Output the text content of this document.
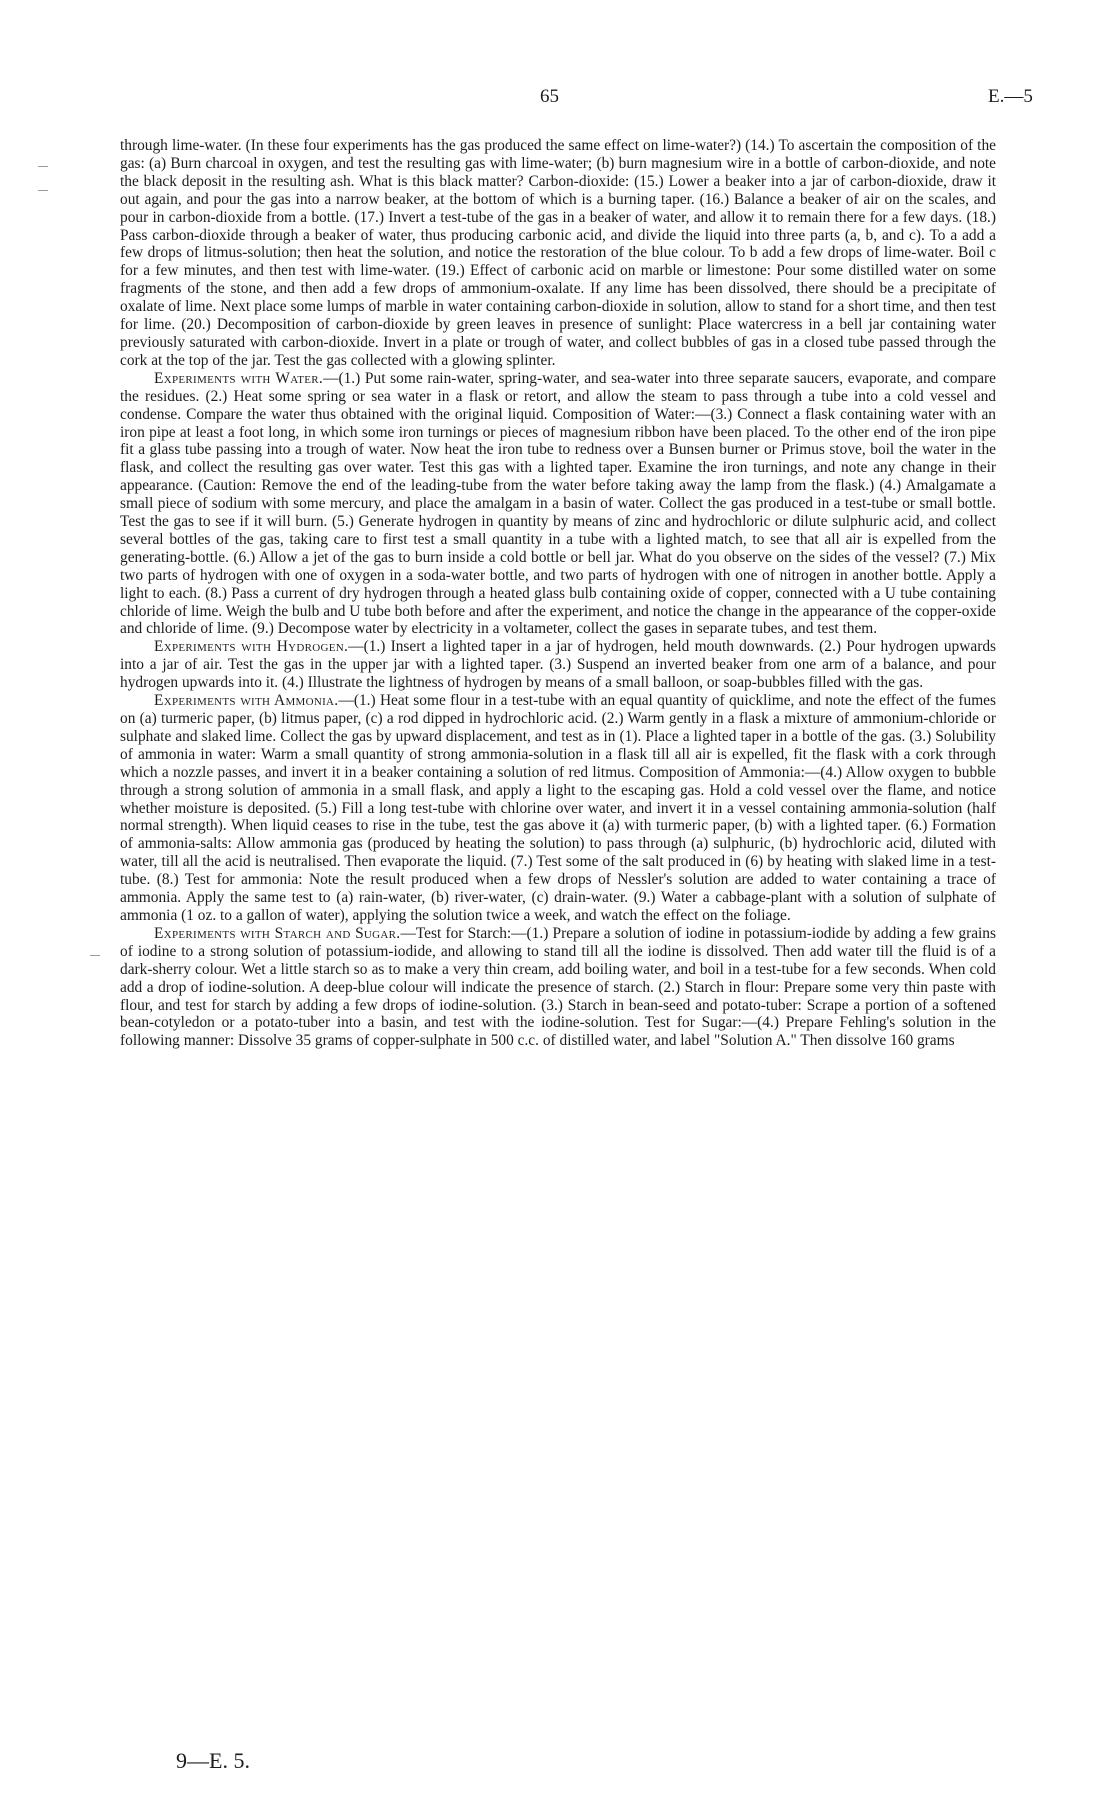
65	E.—5

through lime-water. (In these four experiments has the gas produced the same effect on lime-water?) (14.) To ascertain the composition of the gas: (a) Burn charcoal in oxygen, and test the resulting gas with lime-water; (b) burn magnesium wire in a bottle of carbon-dioxide, and note the black deposit in the resulting ash. What is this black matter? Carbon-dioxide: (15.) Lower a beaker into a jar of carbon-dioxide, draw it out again, and pour the gas into a narrow beaker, at the bottom of which is a burning taper. (16.) Balance a beaker of air on the scales, and pour in carbon-dioxide from a bottle. (17.) Invert a test-tube of the gas in a beaker of water, and allow it to remain there for a few days. (18.) Pass carbon-dioxide through a beaker of water, thus producing carbonic acid, and divide the liquid into three parts (a, b, and c). To a add a few drops of litmus-solution; then heat the solution, and notice the restoration of the blue colour. To b add a few drops of lime-water. Boil c for a few minutes, and then test with lime-water. (19.) Effect of carbonic acid on marble or limestone: Pour some distilled water on some fragments of the stone, and then add a few drops of ammonium-oxalate. If any lime has been dissolved, there should be a precipitate of oxalate of lime. Next place some lumps of marble in water containing carbon-dioxide in solution, allow to stand for a short time, and then test for lime. (20.) Decomposition of carbon-dioxide by green leaves in presence of sunlight: Place watercress in a bell jar containing water previously saturated with carbon-dioxide. Invert in a plate or trough of water, and collect bubbles of gas in a closed tube passed through the cork at the top of the jar. Test the gas collected with a glowing splinter.

Experiments with Water.—(1.) Put some rain-water, spring-water, and sea-water into three separate saucers, evaporate, and compare the residues. (2.) Heat some spring or sea water in a flask or retort, and allow the steam to pass through a tube into a cold vessel and condense. Compare the water thus obtained with the original liquid. Composition of Water:—(3.) Connect a flask containing water with an iron pipe at least a foot long, in which some iron turnings or pieces of magnesium ribbon have been placed. To the other end of the iron pipe fit a glass tube passing into a trough of water. Now heat the iron tube to redness over a Bunsen burner or Primus stove, boil the water in the flask, and collect the resulting gas over water. Test this gas with a lighted taper. Examine the iron turnings, and note any change in their appearance. (Caution: Remove the end of the leading-tube from the water before taking away the lamp from the flask.) (4.) Amalgamate a small piece of sodium with some mercury, and place the amalgam in a basin of water. Collect the gas produced in a test-tube or small bottle. Test the gas to see if it will burn. (5.) Generate hydrogen in quantity by means of zinc and hydrochloric or dilute sulphuric acid, and collect several bottles of the gas, taking care to first test a small quantity in a tube with a lighted match, to see that all air is expelled from the generating-bottle. (6.) Allow a jet of the gas to burn inside a cold bottle or bell jar. What do you observe on the sides of the vessel? (7.) Mix two parts of hydrogen with one of oxygen in a soda-water bottle, and two parts of hydrogen with one of nitrogen in another bottle. Apply a light to each. (8.) Pass a current of dry hydrogen through a heated glass bulb containing oxide of copper, connected with a U tube containing chloride of lime. Weigh the bulb and U tube both before and after the experiment, and notice the change in the appearance of the copper-oxide and chloride of lime. (9.) Decompose water by electricity in a voltameter, collect the gases in separate tubes, and test them.

Experiments with Hydrogen.—(1.) Insert a lighted taper in a jar of hydrogen, held mouth downwards. (2.) Pour hydrogen upwards into a jar of air. Test the gas in the upper jar with a lighted taper. (3.) Suspend an inverted beaker from one arm of a balance, and pour hydrogen upwards into it. (4.) Illustrate the lightness of hydrogen by means of a small balloon, or soap-bubbles filled with the gas.

Experiments with Ammonia.—(1.) Heat some flour in a test-tube with an equal quantity of quicklime, and note the effect of the fumes on (a) turmeric paper, (b) litmus paper, (c) a rod dipped in hydrochloric acid. (2.) Warm gently in a flask a mixture of ammonium-chloride or sulphate and slaked lime. Collect the gas by upward displacement, and test as in (1). Place a lighted taper in a bottle of the gas. (3.) Solubility of ammonia in water: Warm a small quantity of strong ammonia-solution in a flask till all air is expelled, fit the flask with a cork through which a nozzle passes, and invert it in a beaker containing a solution of red litmus. Composition of Ammonia:—(4.) Allow oxygen to bubble through a strong solution of ammonia in a small flask, and apply a light to the escaping gas. Hold a cold vessel over the flame, and notice whether moisture is deposited. (5.) Fill a long test-tube with chlorine over water, and invert it in a vessel containing ammonia-solution (half normal strength). When liquid ceases to rise in the tube, test the gas above it (a) with turmeric paper, (b) with a lighted taper. (6.) Formation of ammonia-salts: Allow ammonia gas (produced by heating the solution) to pass through (a) sulphuric, (b) hydrochloric acid, diluted with water, till all the acid is neutralised. Then evaporate the liquid. (7.) Test some of the salt produced in (6) by heating with slaked lime in a test-tube. (8.) Test for ammonia: Note the result produced when a few drops of Nessler's solution are added to water containing a trace of ammonia. Apply the same test to (a) rain-water, (b) river-water, (c) drain-water. (9.) Water a cabbage-plant with a solution of sulphate of ammonia (1 oz. to a gallon of water), applying the solution twice a week, and watch the effect on the foliage.

Experiments with Starch and Sugar.—Test for Starch:—(1.) Prepare a solution of iodine in potassium-iodide by adding a few grains of iodine to a strong solution of potassium-iodide, and allowing to stand till all the iodine is dissolved. Then add water till the fluid is of a dark-sherry colour. Wet a little starch so as to make a very thin cream, add boiling water, and boil in a test-tube for a few seconds. When cold add a drop of iodine-solution. A deep-blue colour will indicate the presence of starch. (2.) Starch in flour: Prepare some very thin paste with flour, and test for starch by adding a few drops of iodine-solution. (3.) Starch in bean-seed and potato-tuber: Scrape a portion of a softened bean-cotyledon or a potato-tuber into a basin, and test with the iodine-solution. Test for Sugar:—(4.) Prepare Fehling's solution in the following manner: Dissolve 35 grams of copper-sulphate in 500 c.c. of distilled water, and label "Solution A." Then dissolve 160 grams

9—E. 5.
